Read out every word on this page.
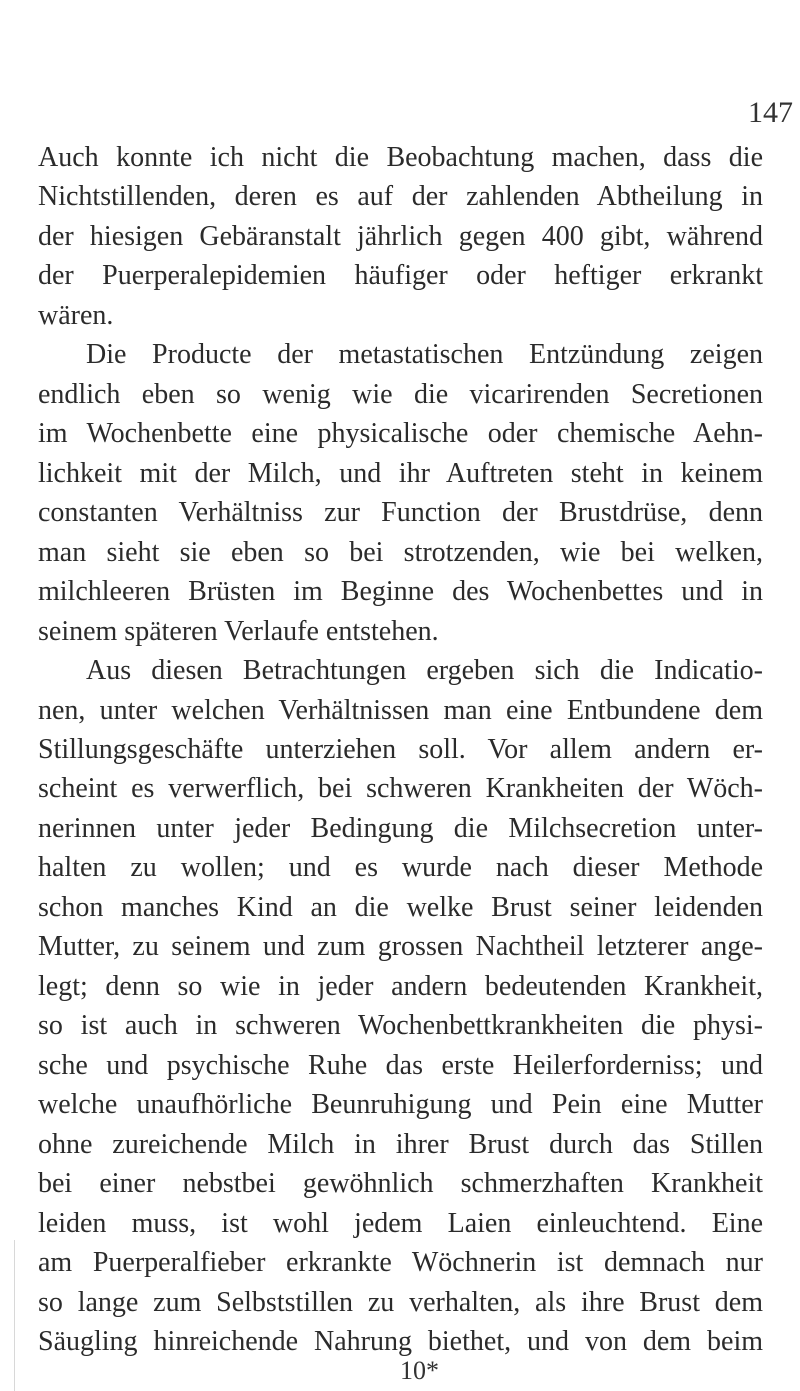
147
Auch konnte ich nicht die Beobachtung machen, dass die
Nichtstillenden, deren es auf der zahlenden Abtheilung in
der hiesigen Gebäranstalt jährlich gegen 400 gibt, während
der Puerperalepidemien häufiger oder heftiger erkrankt
wären.
Die Producte der metastatischen Entzündung zeigen
endlich eben so wenig wie die vicarirenden Secretionen
im Wochenbette eine physicalische oder chemische Aehn-
lichkeit mit der Milch, und ihr Auftreten steht in keinem
constanten Verhältniss zur Function der Brustdrüse, denn
man sieht sie eben so bei strotzenden, wie bei welken,
milchleeren Brüsten im Beginne des Wochenbettes und in
seinem späteren Verlaufe entstehen.
Aus diesen Betrachtungen ergeben sich die Indicatio-
nen, unter welchen Verhältnissen man eine Entbundene dem
Stillungsgeschäfte unterziehen soll. Vor allem andern er-
scheint es verwerflich, bei schweren Krankheiten der Wöch-
nerinnen unter jeder Bedingung die Milchsecretion unter-
halten zu wollen; und es wurde nach dieser Methode
schon manches Kind an die welke Brust seiner leidenden
Mutter, zu seinem und zum grossen Nachtheil letzterer ange-
legt; denn so wie in jeder andern bedeutenden Krankheit,
so ist auch in schweren Wochenbettkrankheiten die physi-
sche und psychische Ruhe das erste Heilerforderniss; und
welche unaufhörliche Beunruhigung und Pein eine Mutter
ohne zureichende Milch in ihrer Brust durch das Stillen
bei einer nebstbei gewöhnlich schmerzhaften Krankheit
leiden muss, ist wohl jedem Laien einleuchtend. Eine
am Puerperalfieber erkrankte Wöchnerin ist demnach nur
so lange zum Selbststillen zu verhalten, als ihre Brust dem
Säugling hinreichende Nahrung biethet, und von dem beim
10*
